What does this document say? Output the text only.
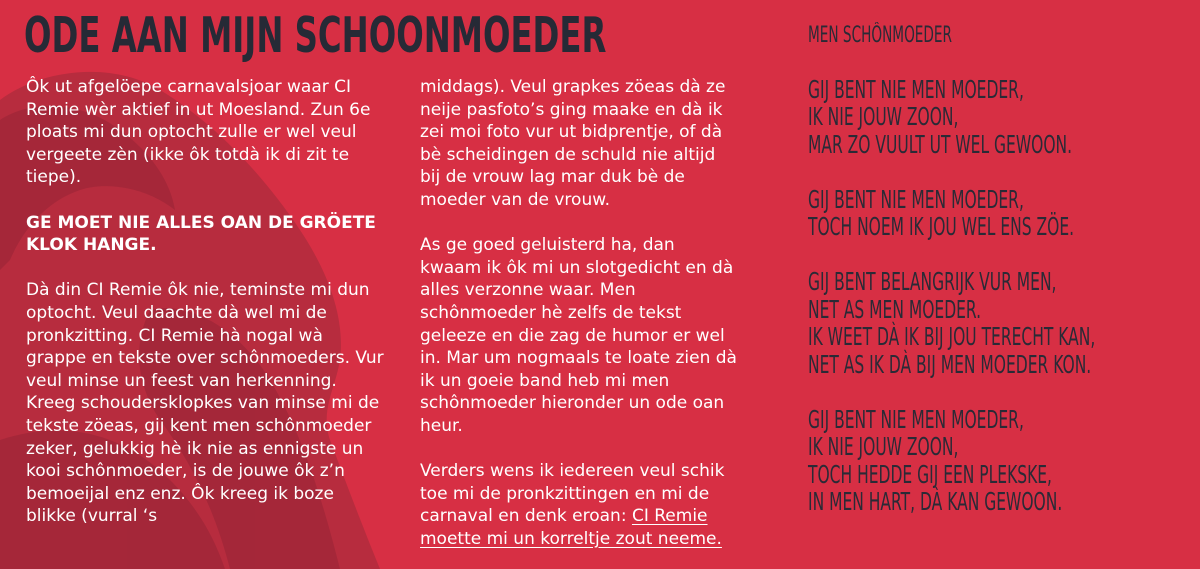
ODE AAN MIJN SCHOONMOEDER

Ôk ut afgelöepe carnavalsjoar waar CI Remie wèr aktief in ut Moesland. Zun 6e ploats mi dun optocht zulle er wel veul vergeete zèn (ikke ôk totdà ik di zit te tiepe).

GE MOET NIE ALLES OAN DE GRÖETE KLOK HANGE.

Dà din CI Remie ôk nie, teminste mi dun optocht. Veul daachte dà wel mi de pronkzitting. CI Remie hà nogal wà grappe en tekste over schônmoeders. Vur veul minse un feest van herkenning. Kreeg schoudersklopkes van minse mi de tekste zöeas, gij kent men schônmoeder zeker, gelukkig hè ik nie as ennigste un kooi schônmoeder, is de jouwe ôk z’n bemoeijal enz enz. Ôk kreeg ik boze blikke (vurral ‘s

middags). Veul grapkes zöeas dà ze neije pasfoto’s ging maake en dà ik zei moi foto vur ut bidprentje, of dà bè scheidingen de schuld nie altijd bij de vrouw lag mar duk bè de moeder van de vrouw.

As ge goed geluisterd ha, dan kwaam ik ôk mi un slotgedicht en dà alles verzonne waar. Men schônmoeder hè zelfs de tekst geleeze en die zag de humor er wel in. Mar um nogmaals te loate zien dà ik un goeie band heb mi men schônmoeder hieronder un ode oan heur.

Verders wens ik iedereen veul schik toe mi de pronkzittingen en mi de carnaval en denk eroan: CI Remie moette mi un korreltje zout neeme.

MEN SCHÔNMOEDER
GIJ BENT NIE MEN MOEDER,
IK NIE JOUW ZOON,
MAR ZO VUULT UT WEL GEWOON.
GIJ BENT NIE MEN MOEDER,
TOCH NOEM IK JOU WEL ENS ZÖE.
GIJ BENT BELANGRIJK VUR MEN,
NET AS MEN MOEDER.
IK WEET DÀ IK BIJ JOU TERECHT KAN,
NET AS IK DÀ BIJ MEN MOEDER KON.
GIJ BENT NIE MEN MOEDER,
IK NIE JOUW ZOON,
TOCH HEDDE GIJ EEN PLEKSKE,
IN MEN HART, DÀ KAN GEWOON.
